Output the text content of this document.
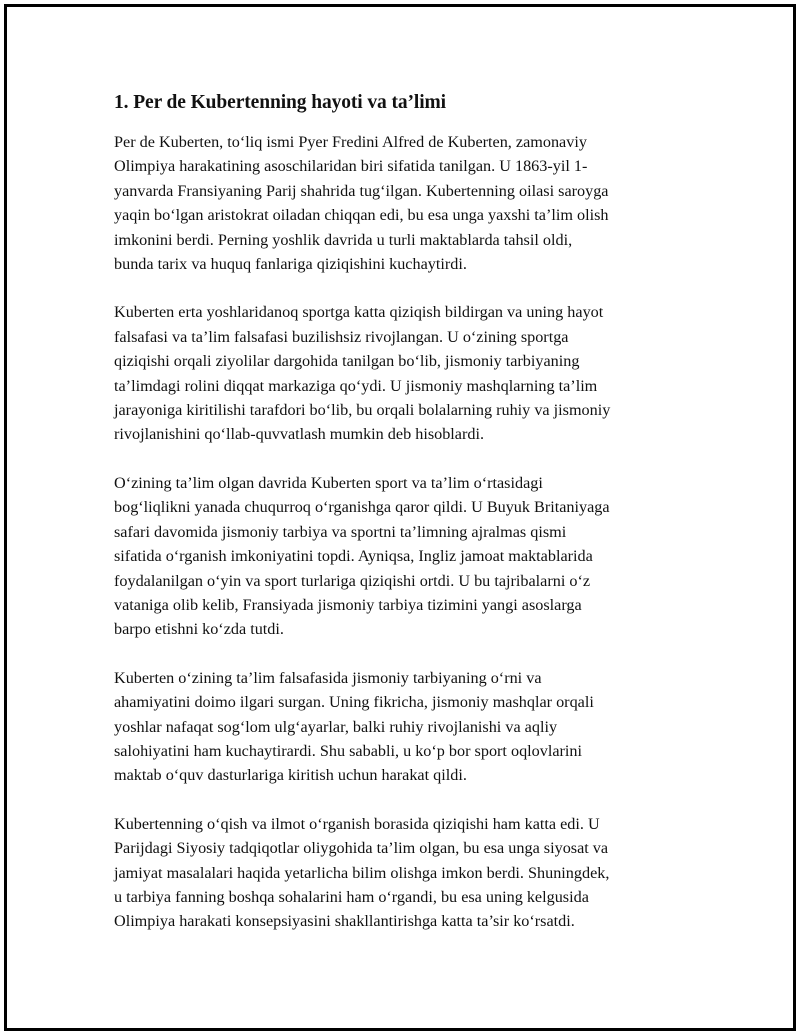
1. Per de Kubertenning hayoti va ta’limi

Per de Kuberten, to‘liq ismi Pyer Fredini Alfred de Kuberten, zamonaviy
Olimpiya harakatining asoschilaridan biri sifatida tanilgan. U 1863-yil 1-
yanvarda Fransiyaning Parij shahrida tug‘ilgan. Kubertenning oilasi saroyga
yaqin bo‘lgan aristokrat oiladan chiqqan edi, bu esa unga yaxshi ta’lim olish
imkonini berdi. Perning yoshlik davrida u turli maktablarda tahsil oldi,
bunda tarix va huquq fanlariga qiziqishini kuchaytirdi.

Kuberten erta yoshlaridanoq sportga katta qiziqish bildirgan va uning hayot
falsafasi va ta’lim falsafasi buzilishsiz rivojlangan. U o‘zining sportga
qiziqishi orqali ziyolilar dargohida tanilgan bo‘lib, jismoniy tarbiyaning
ta’limdagi rolini diqqat markaziga qo‘ydi. U jismoniy mashqlarning ta’lim
jarayoniga kiritilishi tarafdori bo‘lib, bu orqali bolalarning ruhiy va jismoniy
rivojlanishini qo‘llab-quvvatlash mumkin deb hisoblardi.

O‘zining ta’lim olgan davrida Kuberten sport va ta’lim o‘rtasidagi
bog‘liqlikni yanada chuqurroq o‘rganishga qaror qildi. U Buyuk Britaniyaga
safari davomida jismoniy tarbiya va sportni ta’limning ajralmas qismi
sifatida o‘rganish imkoniyatini topdi. Ayniqsa, Ingliz jamoat maktablarida
foydalanilgan o‘yin va sport turlariga qiziqishi ortdi. U bu tajribalarni o‘z
vataniga olib kelib, Fransiyada jismoniy tarbiya tizimini yangi asoslarga
barpo etishni ko‘zda tutdi.

Kuberten o‘zining ta’lim falsafasida jismoniy tarbiyaning o‘rni va
ahamiyatini doimo ilgari surgan. Uning fikricha, jismoniy mashqlar orqali
yoshlar nafaqat sog‘lom ulg‘ayarlar, balki ruhiy rivojlanishi va aqliy
salohiyatini ham kuchaytirardi. Shu sababli, u ko‘p bor sport oqlovlarini
maktab o‘quv dasturlariga kiritish uchun harakat qildi.

Kubertenning o‘qish va ilmot o‘rganish borasida qiziqishi ham katta edi. U
Parijdagi Siyosiy tadqiqotlar oliygohida ta’lim olgan, bu esa unga siyosat va
jamiyat masalalari haqida yetarlicha bilim olishga imkon berdi. Shuningdek,
u tarbiya fanning boshqa sohalarini ham o‘rgandi, bu esa uning kelgusida
Olimpiya harakati konsepsiyasini shakllantirishga katta ta’sir ko‘rsatdi.
